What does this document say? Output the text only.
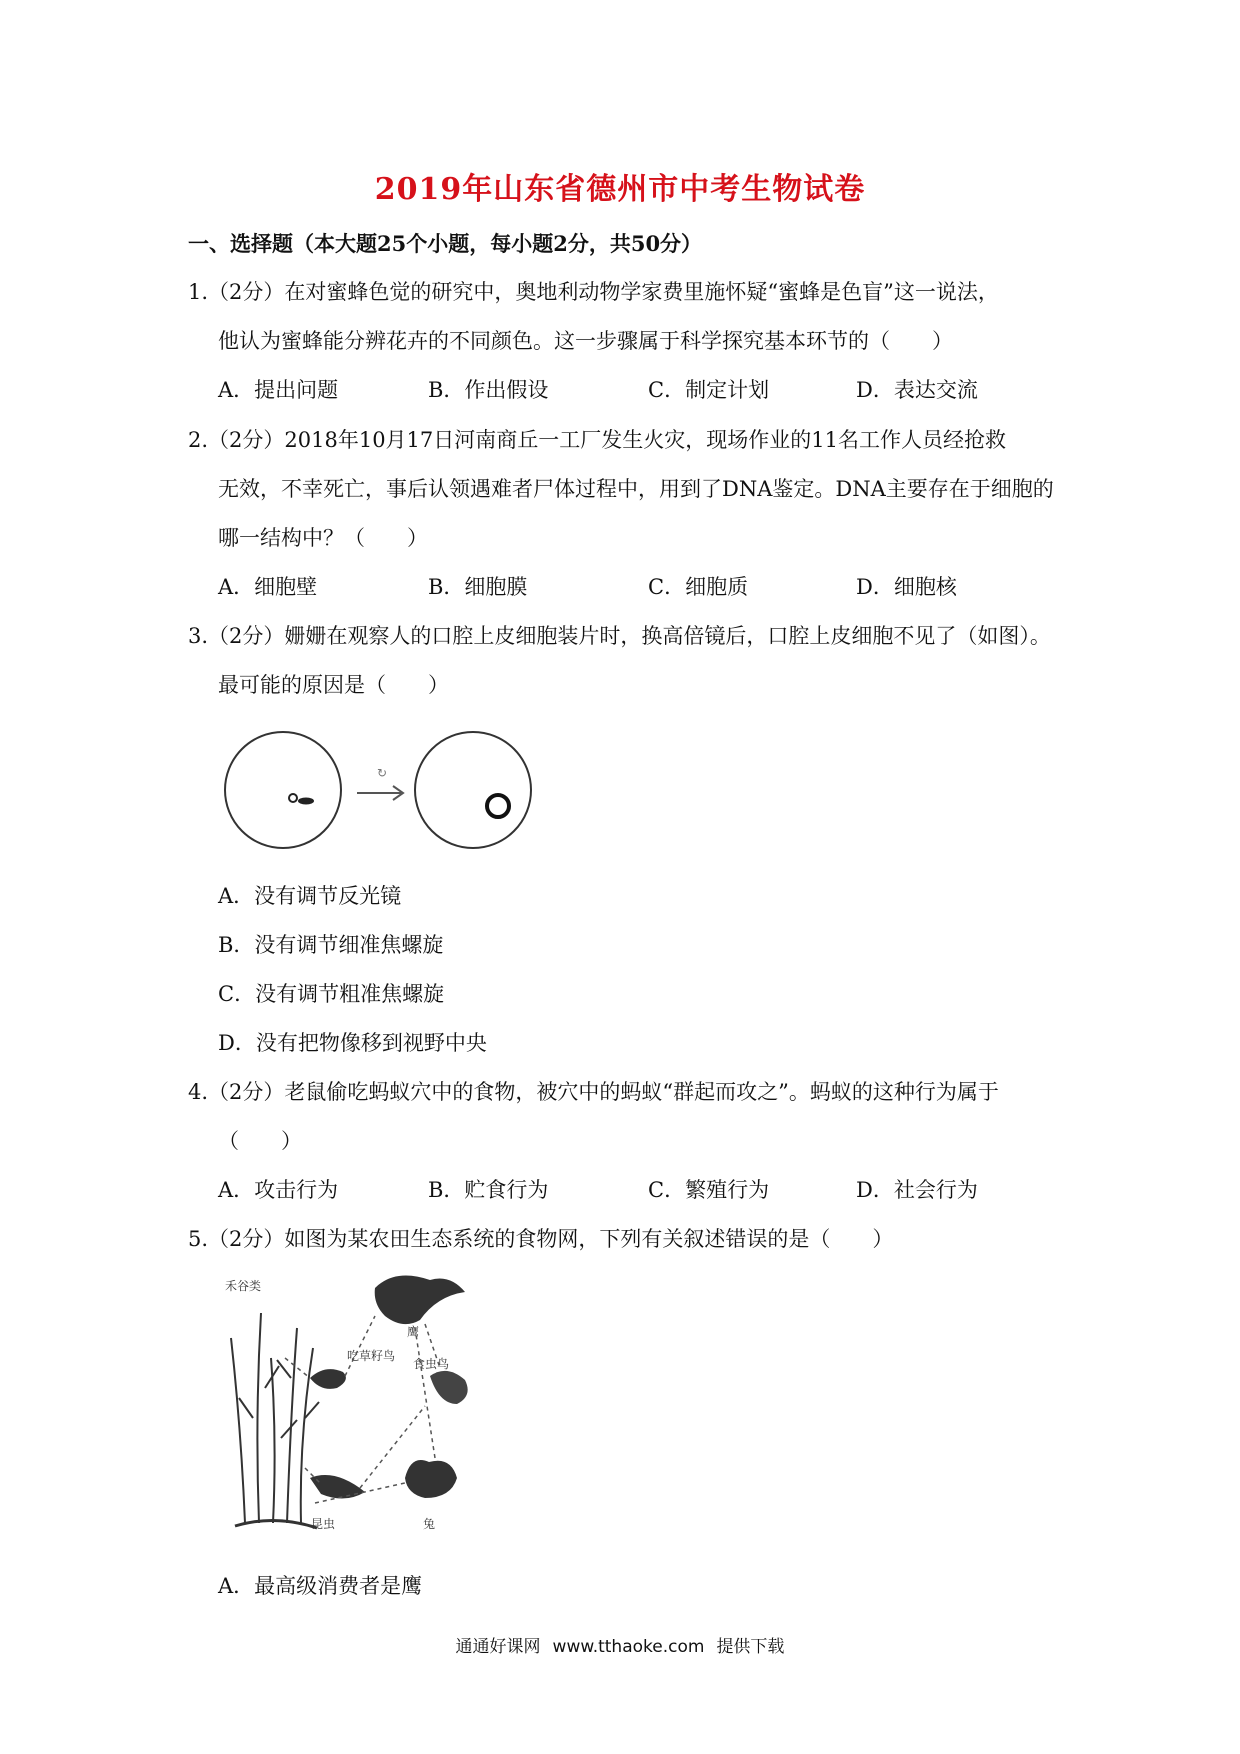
2019年山东省德州市中考生物试卷
一、选择题（本大题25个小题，每小题2分，共50分）
1.（2分）在对蜜蜂色觉的研究中，奥地利动物学家费里施怀疑“蜜蜂是色盲”这一说法，
他认为蜜蜂能分辨花卉的不同颜色。这一步骤属于科学探究基本环节的（　　）
A．提出问题	B．作出假设	C．制定计划	D．表达交流
2.（2分）2018年10月17日河南商丘一工厂发生火灾，现场作业的11名工作人员经抢救
无效，不幸死亡，事后认领遇难者尸体过程中，用到了DNA鉴定。DNA主要存在于细胞的
哪一结构中？（　　）
A．细胞壁	B．细胞膜	C．细胞质	D．细胞核
3.（2分）姗姗在观察人的口腔上皮细胞装片时，换高倍镜后，口腔上皮细胞不见了（如图）。
最可能的原因是（　　）
↻
A．没有调节反光镜
B．没有调节细准焦螺旋
C．没有调节粗准焦螺旋
D．没有把物像移到视野中央
4.（2分）老鼠偷吃蚂蚁穴中的食物，被穴中的蚂蚁“群起而攻之”。蚂蚁的这种行为属于
（　　）
A．攻击行为	B．贮食行为	C．繁殖行为	D．社会行为
5.（2分）如图为某农田生态系统的食物网，下列有关叙述错误的是（　　）
禾谷类
鹰
吃草籽鸟
食虫鸟
昆虫	兔
A．最高级消费者是鹰
通通好课网 www.tthaoke.com 提供下载
